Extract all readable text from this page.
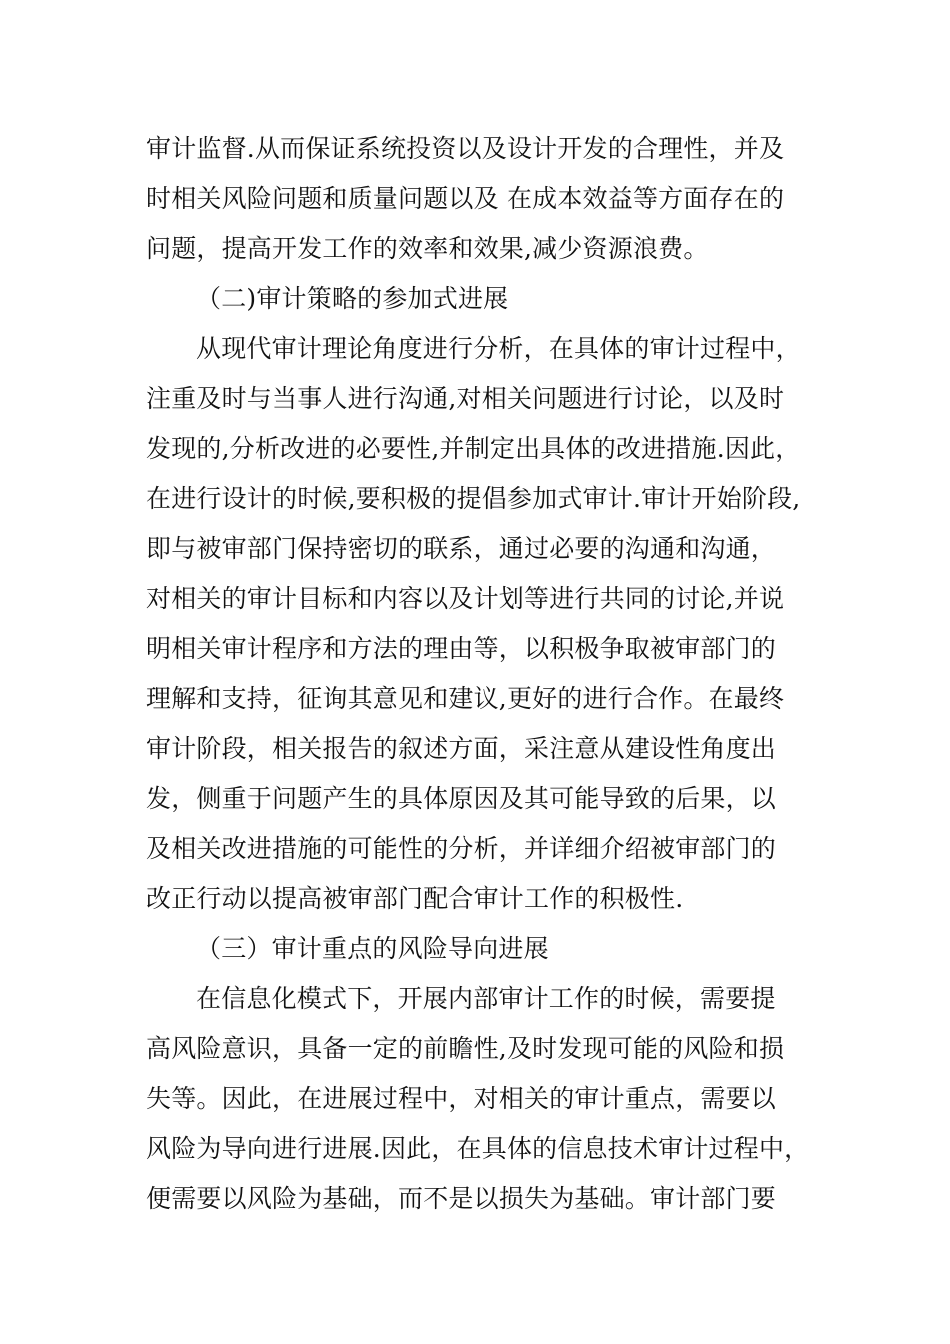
审计监督.从而保证系统投资以及设计开发的合理性，并及
时相关风险问题和质量问题以及 在成本效益等方面存在的
问题，提高开发工作的效率和效果,减少资源浪费。
（二)审计策略的参加式进展
从现代审计理论角度进行分析，在具体的审计过程中，
注重及时与当事人进行沟通,对相关问题进行讨论，以及时
发现的,分析改进的必要性,并制定出具体的改进措施.因此，
在进行设计的时候,要积极的提倡参加式审计.审计开始阶段,
即与被审部门保持密切的联系，通过必要的沟通和沟通，
对相关的审计目标和内容以及计划等进行共同的讨论,并说
明相关审计程序和方法的理由等，以积极争取被审部门的
理解和支持，征询其意见和建议,更好的进行合作。在最终
审计阶段，相关报告的叙述方面，采注意从建设性角度出
发，侧重于问题产生的具体原因及其可能导致的后果，以
及相关改进措施的可能性的分析，并详细介绍被审部门的
改正行动以提高被审部门配合审计工作的积极性.
（三）审计重点的风险导向进展
在信息化模式下，开展内部审计工作的时候，需要提
高风险意识，具备一定的前瞻性,及时发现可能的风险和损
失等。因此，在进展过程中，对相关的审计重点，需要以
风险为导向进行进展.因此，在具体的信息技术审计过程中，
便需要以风险为基础，而不是以损失为基础。审计部门要
